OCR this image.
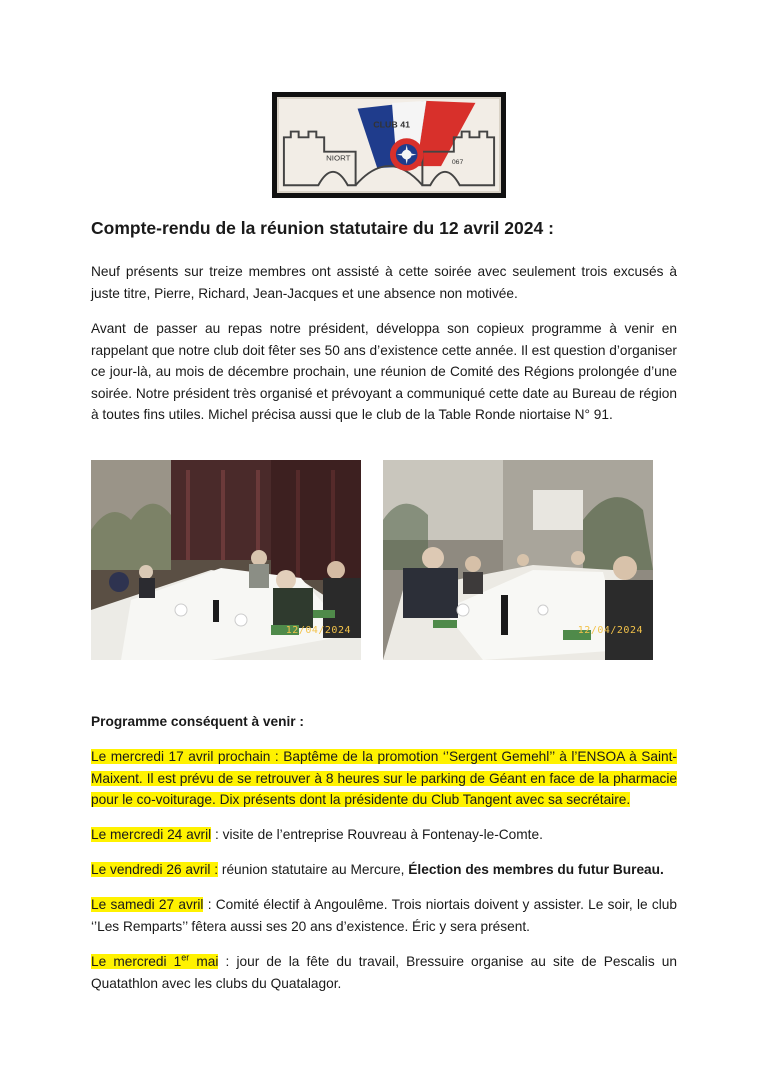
CLUB 41
NIORT
067
Compte-rendu de la réunion statutaire du 12 avril 2024 :

Neuf présents sur treize membres ont assisté à cette soirée avec seulement trois excusés à juste titre, Pierre, Richard, Jean-Jacques et une absence non motivée.

Avant de passer au repas notre président, développa son copieux programme à venir en rappelant que notre club doit fêter ses 50 ans d’existence cette année. Il est question d’organiser ce jour-là, au mois de décembre prochain, une réunion de Comité des Régions prolongée d’une soirée. Notre président très organisé et prévoyant a communiqué cette date au Bureau de région à toutes fins utiles. Michel précisa aussi que le club de la Table Ronde niortaise N° 91.

12/04/2024	12/04/2024

Programme conséquent à venir :

Le mercredi 17 avril prochain : Baptême de la promotion ‘’Sergent Gemehl’’ à l’ENSOA à Saint-Maixent. Il est prévu de se retrouver à 8 heures sur le parking de Géant en face de la pharmacie pour le co-voiturage. Dix présents dont la présidente du Club Tangent avec sa secrétaire.

Le mercredi 24 avril : visite de l’entreprise Rouvreau à Fontenay-le-Comte.

Le vendredi 26 avril : réunion statutaire au Mercure, Élection des membres du futur Bureau.

Le samedi 27 avril : Comité électif à Angoulême. Trois niortais doivent y assister. Le soir, le club ‘’Les Remparts’’ fêtera aussi ses 20 ans d’existence. Éric y sera présent.

Le mercredi 1er mai : jour de la fête du travail, Bressuire organise au site de Pescalis un Quatathlon avec les clubs du Quatalagor.
